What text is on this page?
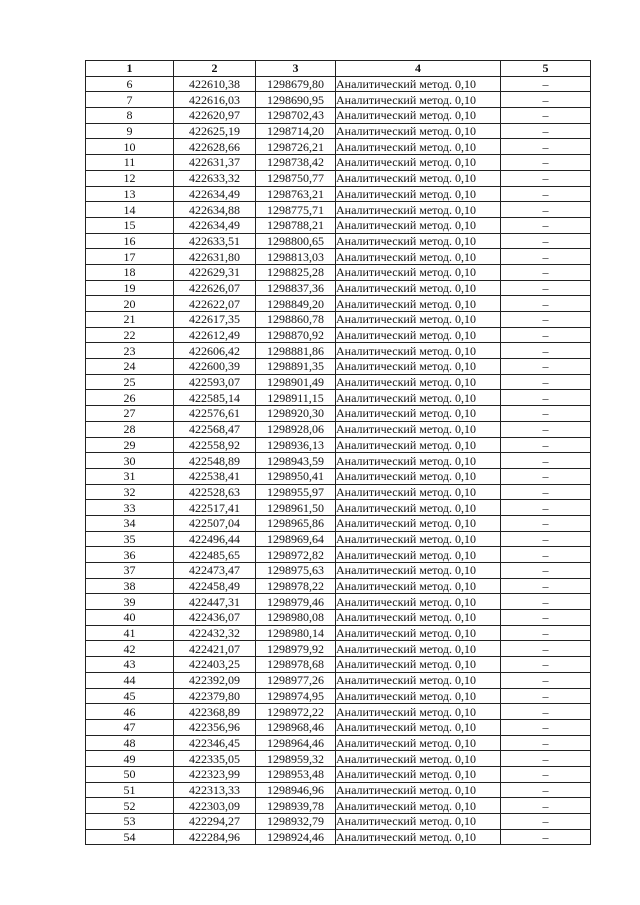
1	2	3	4	5
6	422610,38	1298679,80	Аналитический метод. 0,10	–
7	422616,03	1298690,95	Аналитический метод. 0,10	–
8	422620,97	1298702,43	Аналитический метод. 0,10	–
9	422625,19	1298714,20	Аналитический метод. 0,10	–
10	422628,66	1298726,21	Аналитический метод. 0,10	–
11	422631,37	1298738,42	Аналитический метод. 0,10	–
12	422633,32	1298750,77	Аналитический метод. 0,10	–
13	422634,49	1298763,21	Аналитический метод. 0,10	–
14	422634,88	1298775,71	Аналитический метод. 0,10	–
15	422634,49	1298788,21	Аналитический метод. 0,10	–
16	422633,51	1298800,65	Аналитический метод. 0,10	–
17	422631,80	1298813,03	Аналитический метод. 0,10	–
18	422629,31	1298825,28	Аналитический метод. 0,10	–
19	422626,07	1298837,36	Аналитический метод. 0,10	–
20	422622,07	1298849,20	Аналитический метод. 0,10	–
21	422617,35	1298860,78	Аналитический метод. 0,10	–
22	422612,49	1298870,92	Аналитический метод. 0,10	–
23	422606,42	1298881,86	Аналитический метод. 0,10	–
24	422600,39	1298891,35	Аналитический метод. 0,10	–
25	422593,07	1298901,49	Аналитический метод. 0,10	–
26	422585,14	1298911,15	Аналитический метод. 0,10	–
27	422576,61	1298920,30	Аналитический метод. 0,10	–
28	422568,47	1298928,06	Аналитический метод. 0,10	–
29	422558,92	1298936,13	Аналитический метод. 0,10	–
30	422548,89	1298943,59	Аналитический метод. 0,10	–
31	422538,41	1298950,41	Аналитический метод. 0,10	–
32	422528,63	1298955,97	Аналитический метод. 0,10	–
33	422517,41	1298961,50	Аналитический метод. 0,10	–
34	422507,04	1298965,86	Аналитический метод. 0,10	–
35	422496,44	1298969,64	Аналитический метод. 0,10	–
36	422485,65	1298972,82	Аналитический метод. 0,10	–
37	422473,47	1298975,63	Аналитический метод. 0,10	–
38	422458,49	1298978,22	Аналитический метод. 0,10	–
39	422447,31	1298979,46	Аналитический метод. 0,10	–
40	422436,07	1298980,08	Аналитический метод. 0,10	–
41	422432,32	1298980,14	Аналитический метод. 0,10	–
42	422421,07	1298979,92	Аналитический метод. 0,10	–
43	422403,25	1298978,68	Аналитический метод. 0,10	–
44	422392,09	1298977,26	Аналитический метод. 0,10	–
45	422379,80	1298974,95	Аналитический метод. 0,10	–
46	422368,89	1298972,22	Аналитический метод. 0,10	–
47	422356,96	1298968,46	Аналитический метод. 0,10	–
48	422346,45	1298964,46	Аналитический метод. 0,10	–
49	422335,05	1298959,32	Аналитический метод. 0,10	–
50	422323,99	1298953,48	Аналитический метод. 0,10	–
51	422313,33	1298946,96	Аналитический метод. 0,10	–
52	422303,09	1298939,78	Аналитический метод. 0,10	–
53	422294,27	1298932,79	Аналитический метод. 0,10	–
54	422284,96	1298924,46	Аналитический метод. 0,10	–
